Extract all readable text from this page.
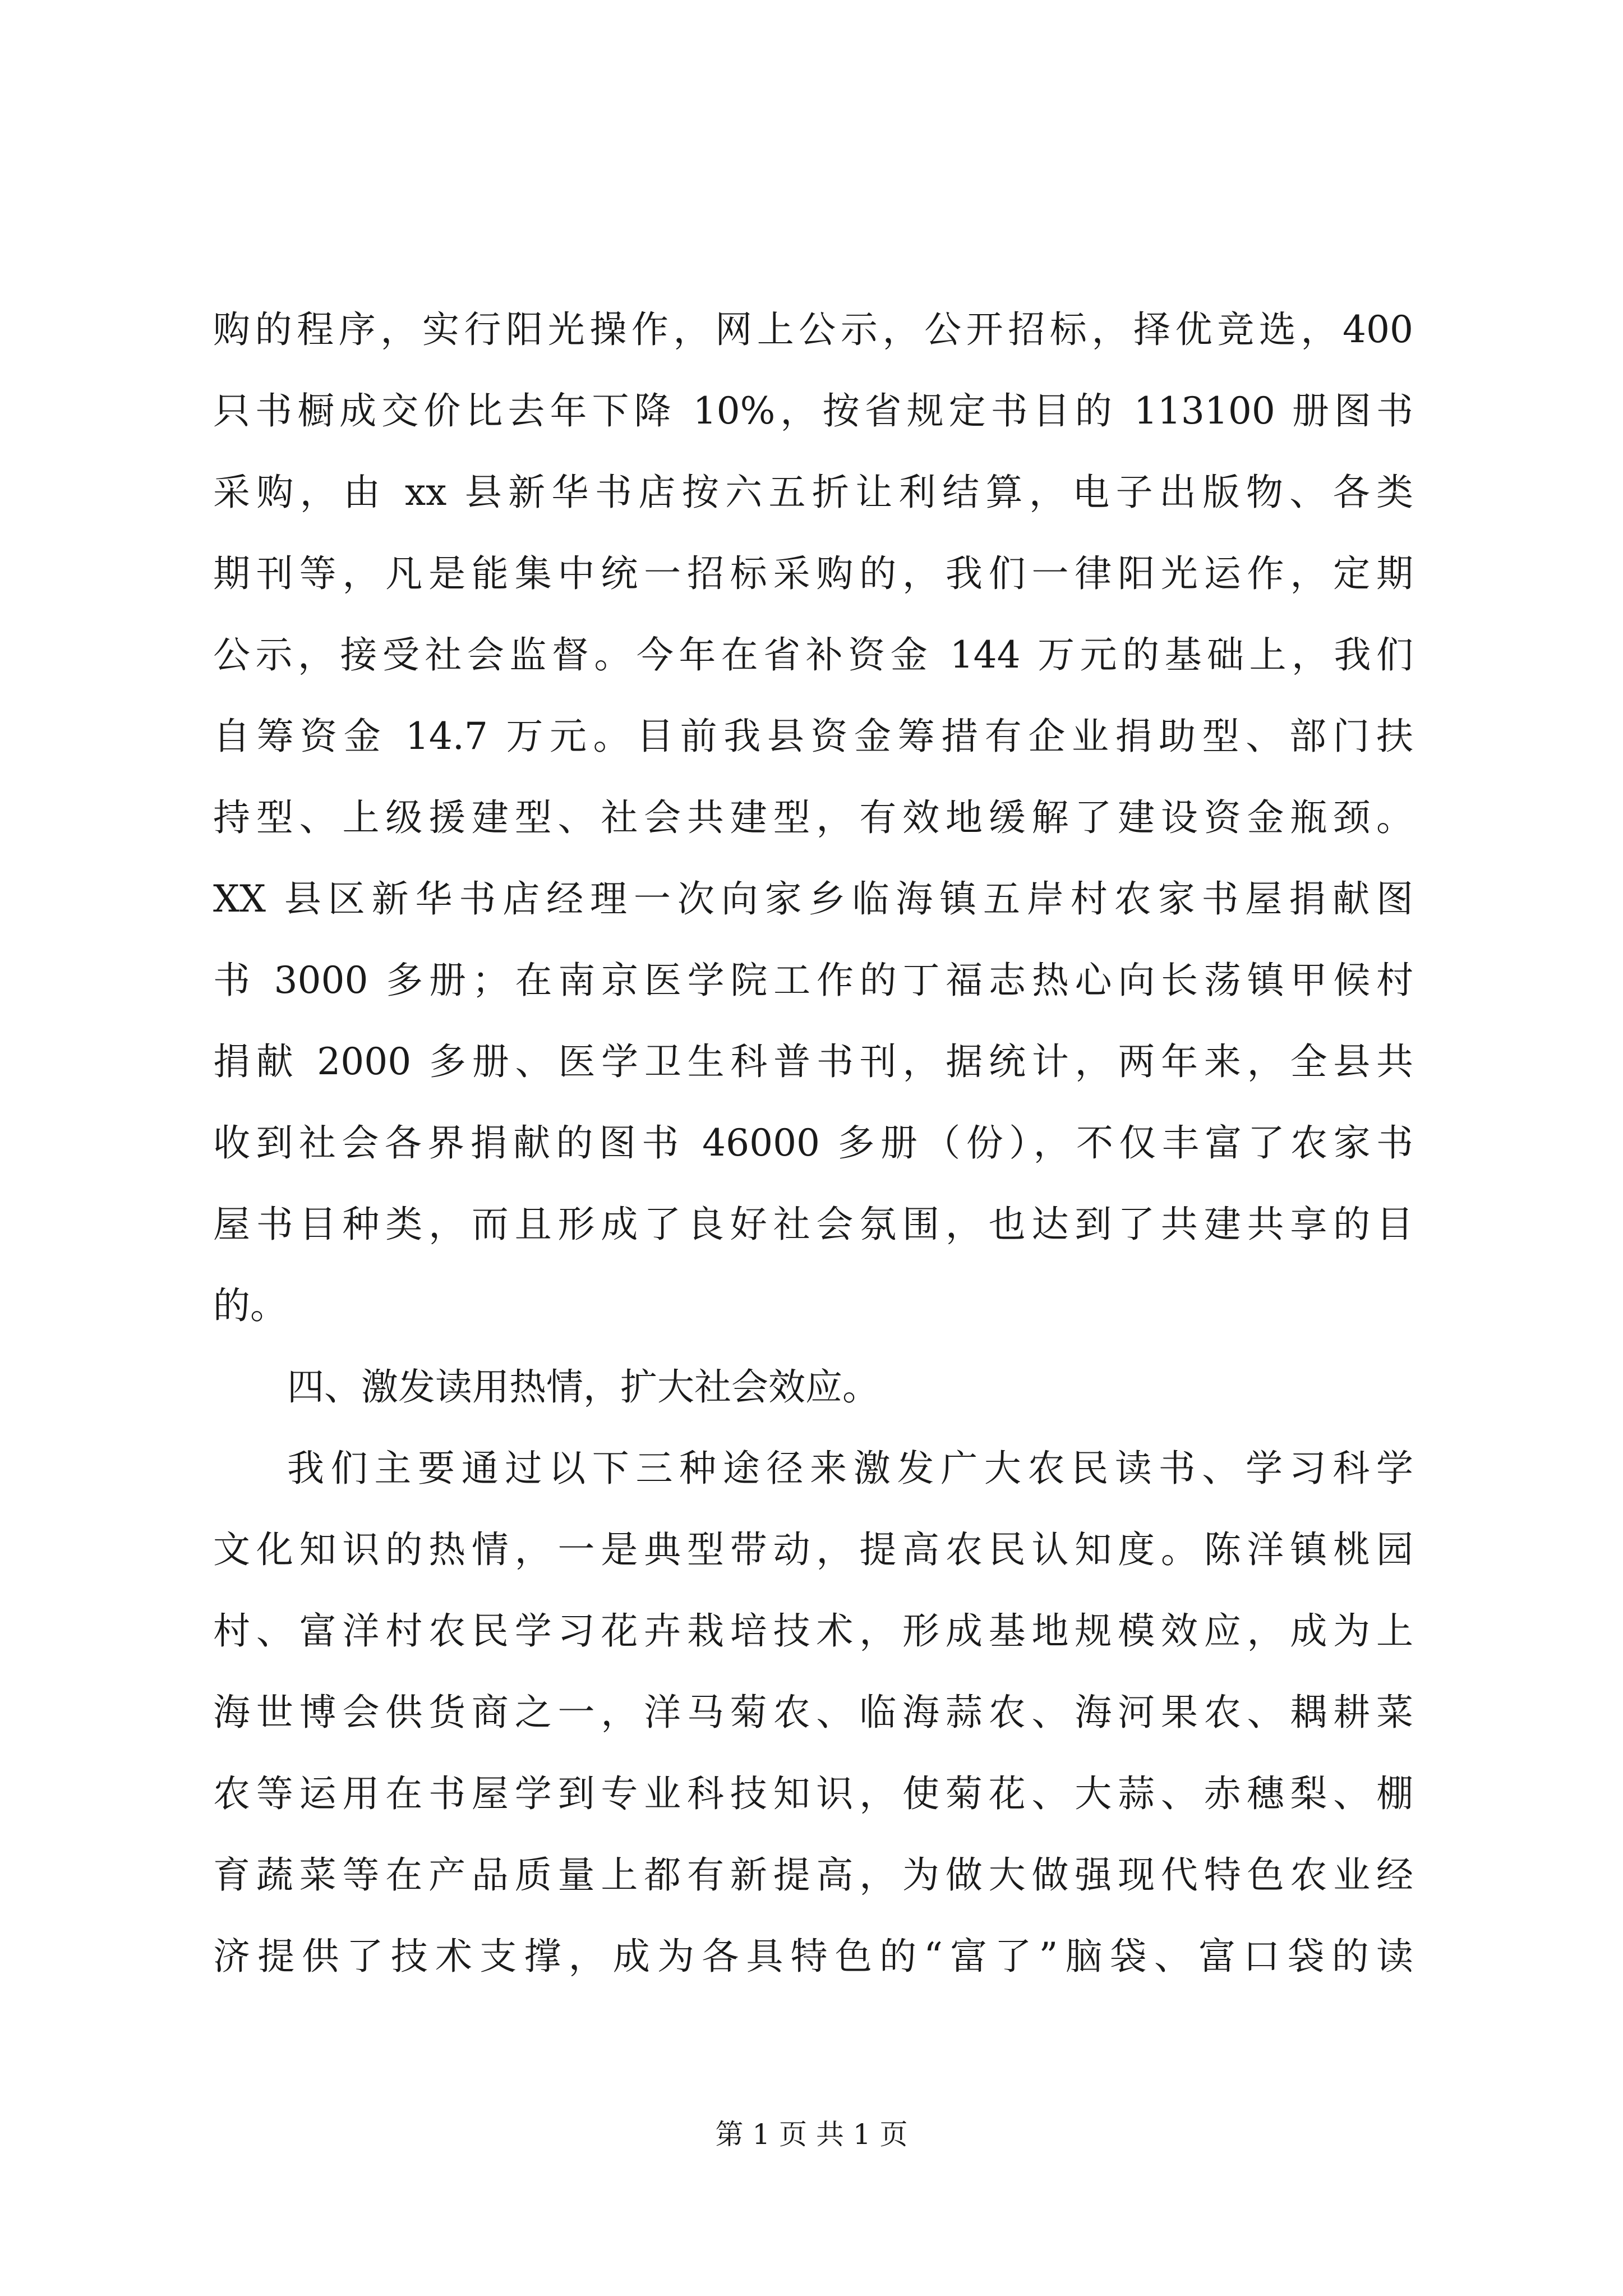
购的程序，实行阳光操作，网上公示，公开招标，择优竞选，400
只书橱成交价比去年下降 10%，按省规定书目的 113100 册图书
采购，由 xx 县新华书店按六五折让利结算，电子出版物、各类
期刊等，凡是能集中统一招标采购的，我们一律阳光运作，定期
公示，接受社会监督。今年在省补资金 144 万元的基础上，我们
自筹资金 14.7 万元。目前我县资金筹措有企业捐助型、部门扶
持型、上级援建型、社会共建型，有效地缓解了建设资金瓶颈。
XX 县区新华书店经理一次向家乡临海镇五岸村农家书屋捐献图
书 3000 多册；在南京医学院工作的丁福志热心向长荡镇甲候村
捐献 2000 多册、医学卫生科普书刊，据统计，两年来，全县共
收到社会各界捐献的图书 46000 多册（份），不仅丰富了农家书
屋书目种类，而且形成了良好社会氛围，也达到了共建共享的目
的。
四、激发读用热情，扩大社会效应。
我们主要通过以下三种途径来激发广大农民读书、学习科学
文化知识的热情，一是典型带动，提高农民认知度。陈洋镇桃园
村、富洋村农民学习花卉栽培技术，形成基地规模效应，成为上
海世博会供货商之一，洋马菊农、临海蒜农、海河果农、耦耕菜
农等运用在书屋学到专业科技知识，使菊花、大蒜、赤穗梨、棚
育蔬菜等在产品质量上都有新提高，为做大做强现代特色农业经
济提供了技术支撑，成为各具特色的“富了”脑袋、富口袋的读
第 1 页 共 1 页
